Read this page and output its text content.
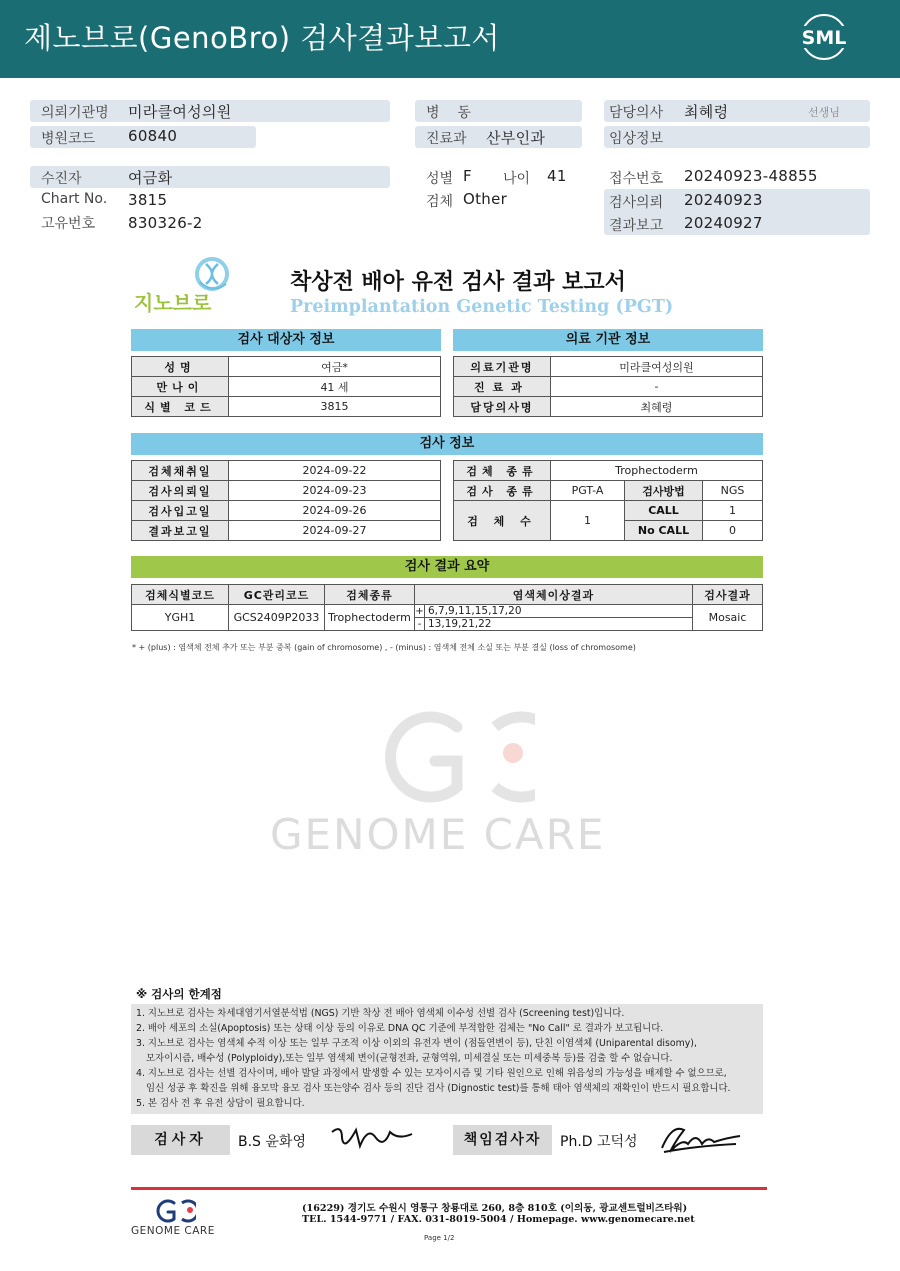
제노브로(GenoBro) 검사결과보고서	SML
의뢰기관명 미라클여성의원
병원코드 60840
병    동
진료과 산부인과
담당의사 최혜령	선생님
임상정보
수진자	여금화
Chart No. 3815
고유번호 830326-2
성별 F 나이 41
검체 Other
접수번호 20240923-48855
검사의뢰 20240923
결과보고 20240927
지노브로
착상전 배아 유전 검사 결과 보고서
Preimplantation Genetic Testing (PGT)
검사 대상자 정보	의료 기관 정보
성명	여금*
만나이	41 세
식별 코드	3815
의료기관명	미라클여성의원
진료과	-
담당의사명	최혜령
검사 정보
검체채취일	2024-09-22
검사의뢰일	2024-09-23
검사입고일	2024-09-26
결과보고일	2024-09-27
검체 종류	Trophectoderm		
검사 종류	PGT-A	검사방법	NGS
검 체 수	1	CALL	1
		No CALL	0
검사 결과 요약
검체식별코드	GC관리코드	검체종류	염색체이상결과		검사결과
YGH1	GCS2409P2033	Trophectoderm	+	6,7,9,11,15,17,20	Mosaic
			-	13,19,21,22	
* + (plus) : 염색체 전체 추가 또는 부분 중복 (gain of chromosome) , - (minus) : 염색체 전체 소실 또는 부분 결실 (loss of chromosome)
GENOME CARE
※ 검사의 한계점
1. 지노브로 검사는 차세대염기서열분석법 (NGS) 기반 착상 전 배아 염색체 이수성 선별 검사 (Screening test)입니다.
2. 배아 세포의 소실(Apoptosis) 또는 상태 이상 등의 이유로 DNA QC 기준에 부적합한 검체는 "No Call" 로 결과가 보고됩니다.
3. 지노브로 검사는 염색체 수적 이상 또는 일부 구조적 이상 이외의 유전자 변이 (점돌연변이 등), 단친 이염색체 (Uniparental disomy),
모자이시즘, 배수성 (Polyploidy),또는 일부 염색체 변이(균형전좌, 균형역위, 미세결실 또는 미세중복 등)를 검출 할 수 없습니다.
4. 지노브로 검사는 선별 검사이며, 배아 발달 과정에서 발생할 수 있는 모자이시즘 및 기타 원인으로 인해 위음성의 가능성을 배제할 수 없으므로,
임신 성공 후 확진을 위해 융모막 융모 검사 또는양수 검사 등의 진단 검사 (Dignostic test)를 통해 태아 염색체의 재확인이 반드시 필요합니다.
5. 본 검사 전 후 유전 상담이 필요합니다.
검사자	B.S 윤화영	책임검사자	Ph.D 고덕성
GENOME CARE
(16229) 경기도 수원시 영통구 창룡대로 260, 8층 810호 (이의동, 광교센트럴비즈타워)
TEL. 1544-9771 / FAX. 031-8019-5004 / Homepage. www.genomecare.net
Page 1/2
